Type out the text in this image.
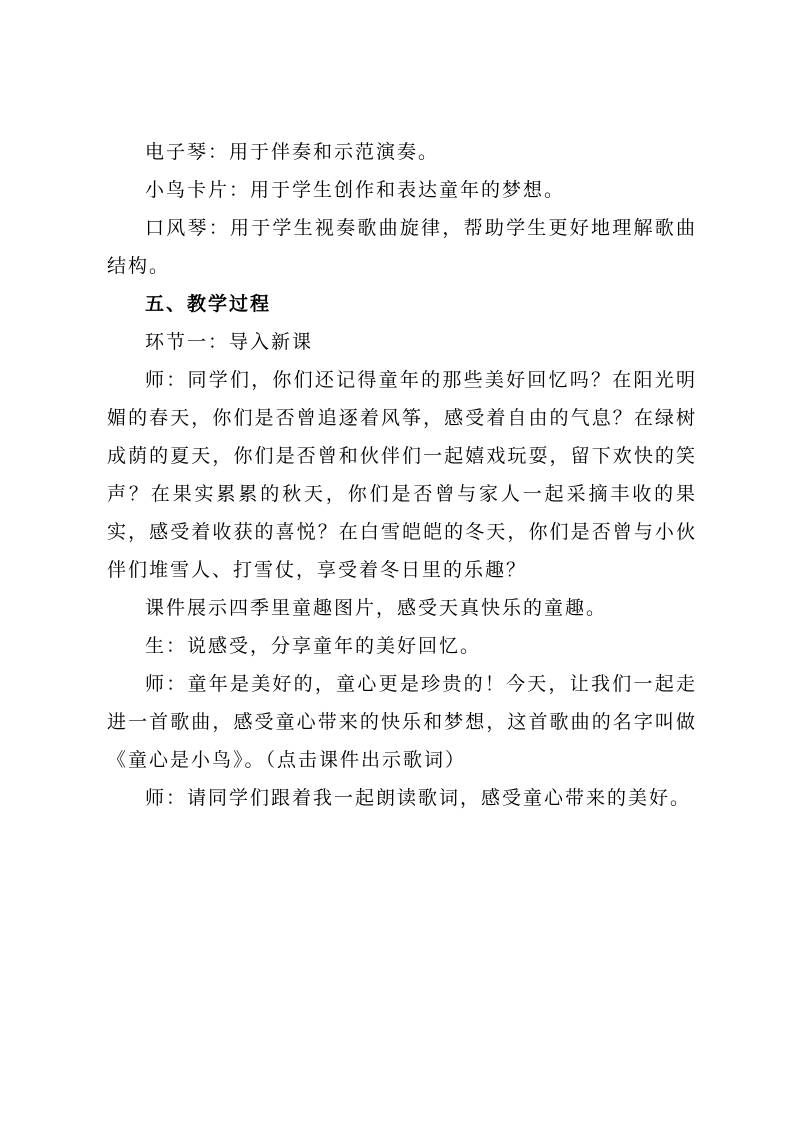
电子琴：用于伴奏和示范演奏。

小鸟卡片：用于学生创作和表达童年的梦想。

口风琴：用于学生视奏歌曲旋律，帮助学生更好地理解歌曲结构。

五、教学过程

环节一：导入新课

师：同学们，你们还记得童年的那些美好回忆吗？在阳光明媚的春天，你们是否曾追逐着风筝，感受着自由的气息？在绿树成荫的夏天，你们是否曾和伙伴们一起嬉戏玩耍，留下欢快的笑声？在果实累累的秋天，你们是否曾与家人一起采摘丰收的果实，感受着收获的喜悦？在白雪皑皑的冬天，你们是否曾与小伙伴们堆雪人、打雪仗，享受着冬日里的乐趣？

课件展示四季里童趣图片，感受天真快乐的童趣。

生：说感受，分享童年的美好回忆。

师：童年是美好的，童心更是珍贵的！今天，让我们一起走进一首歌曲，感受童心带来的快乐和梦想，这首歌曲的名字叫做《童心是小鸟》。（点击课件出示歌词）

师：请同学们跟着我一起朗读歌词，感受童心带来的美好。
